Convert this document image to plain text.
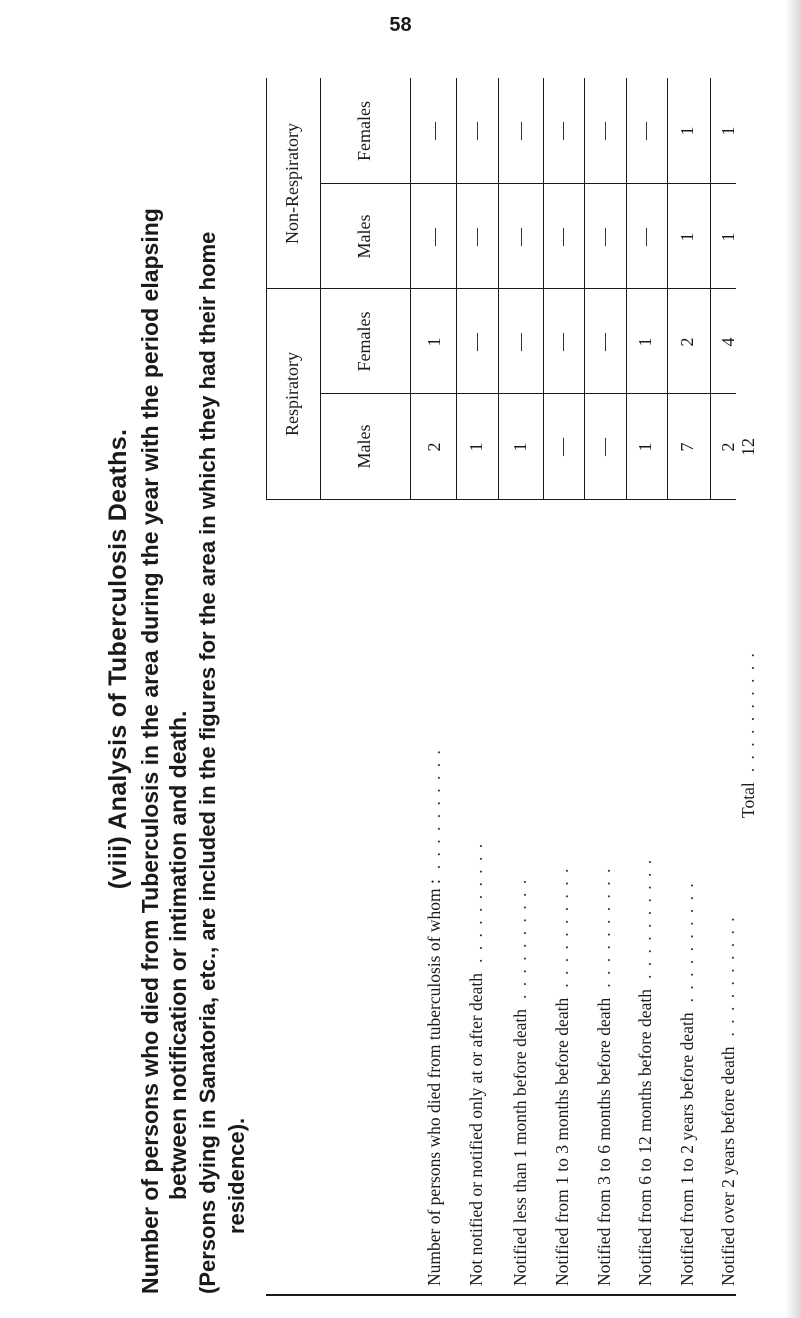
58
(viii) Analysis of Tuberculosis Deaths. Number of persons who died from Tuberculosis in the area during the year with the period elapsing between notification or intimation and death. (Persons dying in Sanatoria, etc., are included in the figures for the area in which they had their home residence).
Respiratory
Non-Respiratory
Males
Females
Males
Females
Number of persons who died from tuberculosis of whom :
. . . . . . . . . .
Not notified or notified only at or after death
. . . . . . . . . .
Notified less than 1 month before death
. . . . . . . . . .
Notified from 1 to 3 months before death
. . . . . . . . . .
Notified from 3 to 6 months before death
. . . . . . . . . .
Notified from 6 to 12 months before death
. . . . . . . . . .
Notified from 1 to 2 years before death
. . . . . . . . . .
Notified over 2 years before death
. . . . . . . . . .
2
1
—
—
1
—
—
—
1
—
—
—
—
—
—
—
—
—
—
—
1
1
—
—
7
2
1
1
2
4
1
1
Total
. . . . . . . . . .
12
